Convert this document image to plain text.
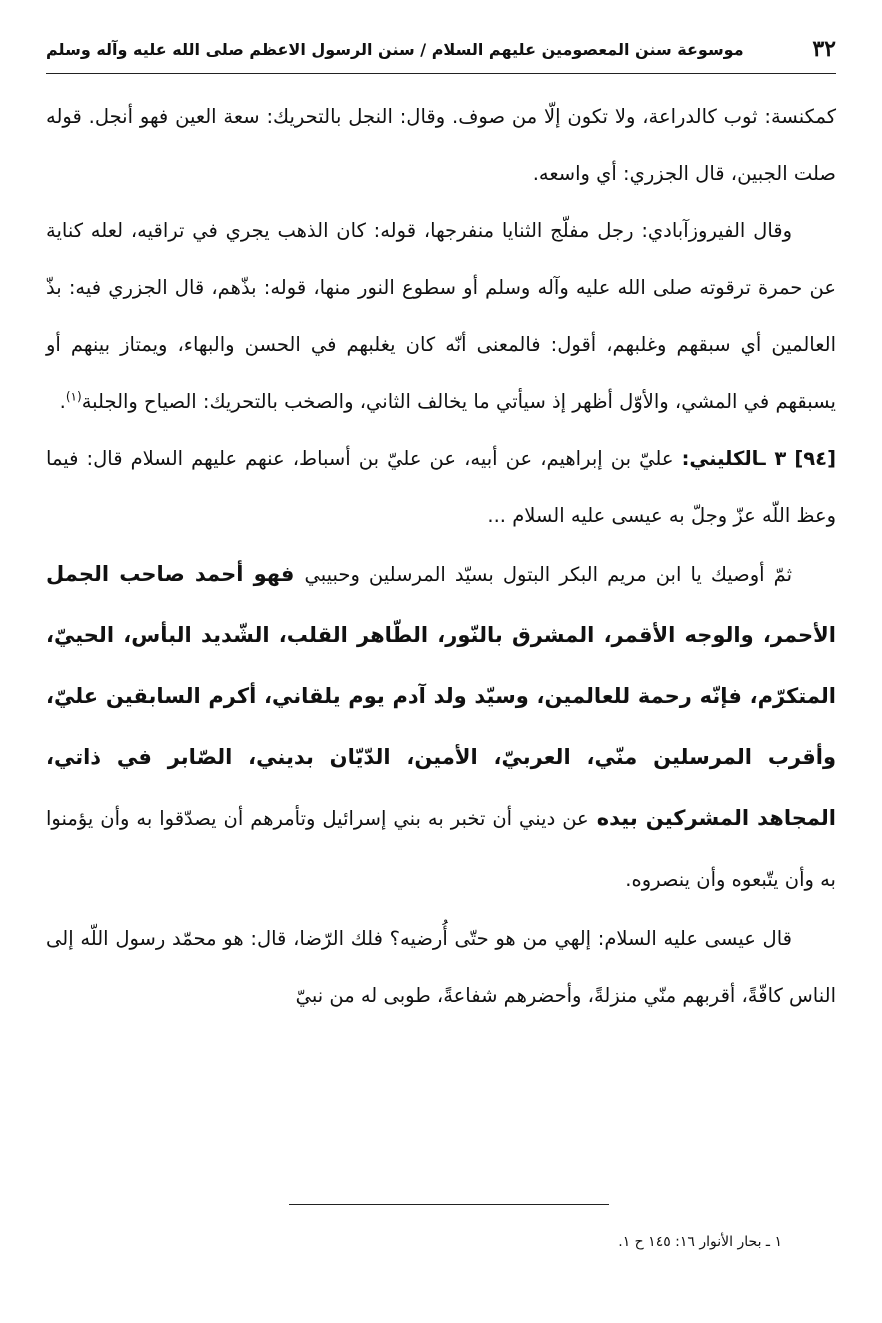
٣٢
موسوعة سنن المعصومين عليهم السلام / سنن الرسول الاعظم صلى الله عليه وآله وسلم

كمكنسة: ثوب كالدراعة، ولا تكون إلّا من صوف. وقال: النجل بالتحريك: سعة العين فهو أنجل. قوله صلت الجبين، قال الجزري: أي واسعه.

وقال الفيروزآبادي: رجل مفلّج الثنايا منفرجها، قوله: كان الذهب يجري في تراقيه، لعله كناية عن حمرة ترقوته صلى الله عليه وآله وسلم أو سطوع النور منها، قوله: بذّهم، قال الجزري فيه: بذّ العالمين أي سبقهم وغلبهم، أقول: فالمعنى أنّه كان يغلبهم في الحسن والبهاء، ويمتاز بينهم أو يسبقهم في المشي، والأوّل أظهر إذ سيأتي ما يخالف الثاني، والصخب بالتحريك: الصياح والجلبة$^{(١)}$.

[٩٤] ٣ ـالكليني: عليّ بن إبراهيم، عن أبيه، عن عليّ بن أسباط، عنهم عليهم السلام قال: فيما وعظ اللّه عزّ وجلّ به عيسى عليه السلام ...

ثمّ أوصيك يا ابن مريم البكر البتول بسيّد المرسلين وحبيبي فهو أحمد صاحب الجمل الأحمر، والوجه الأقمر، المشرق بالنّور، الطّاهر القلب، الشّديد البأس، الحييّ، المتكرّم، فإنّه رحمة للعالمين، وسيّد ولد آدم يوم يلقاني، أكرم السابقين عليّ، وأقرب المرسلين منّي، العربيّ، الأمين، الدّيّان بديني، الصّابر في ذاتي، المجاهد المشركين بيده عن ديني أن تخبر به بني إسرائيل وتأمرهم أن يصدّقوا به وأن يؤمنوا به وأن يتّبعوه وأن ينصروه.

قال عيسى عليه السلام: إلهي من هو حتّى أُرضيه؟ فلك الرّضا، قال: هو محمّد رسول اللّه إلى الناس كافّةً، أقربهم منّي منزلةً، وأحضرهم شفاعةً، طوبى له من نبيّ

١ ـ بحار الأنوار ١٦: ١٤٥ ح ١.
